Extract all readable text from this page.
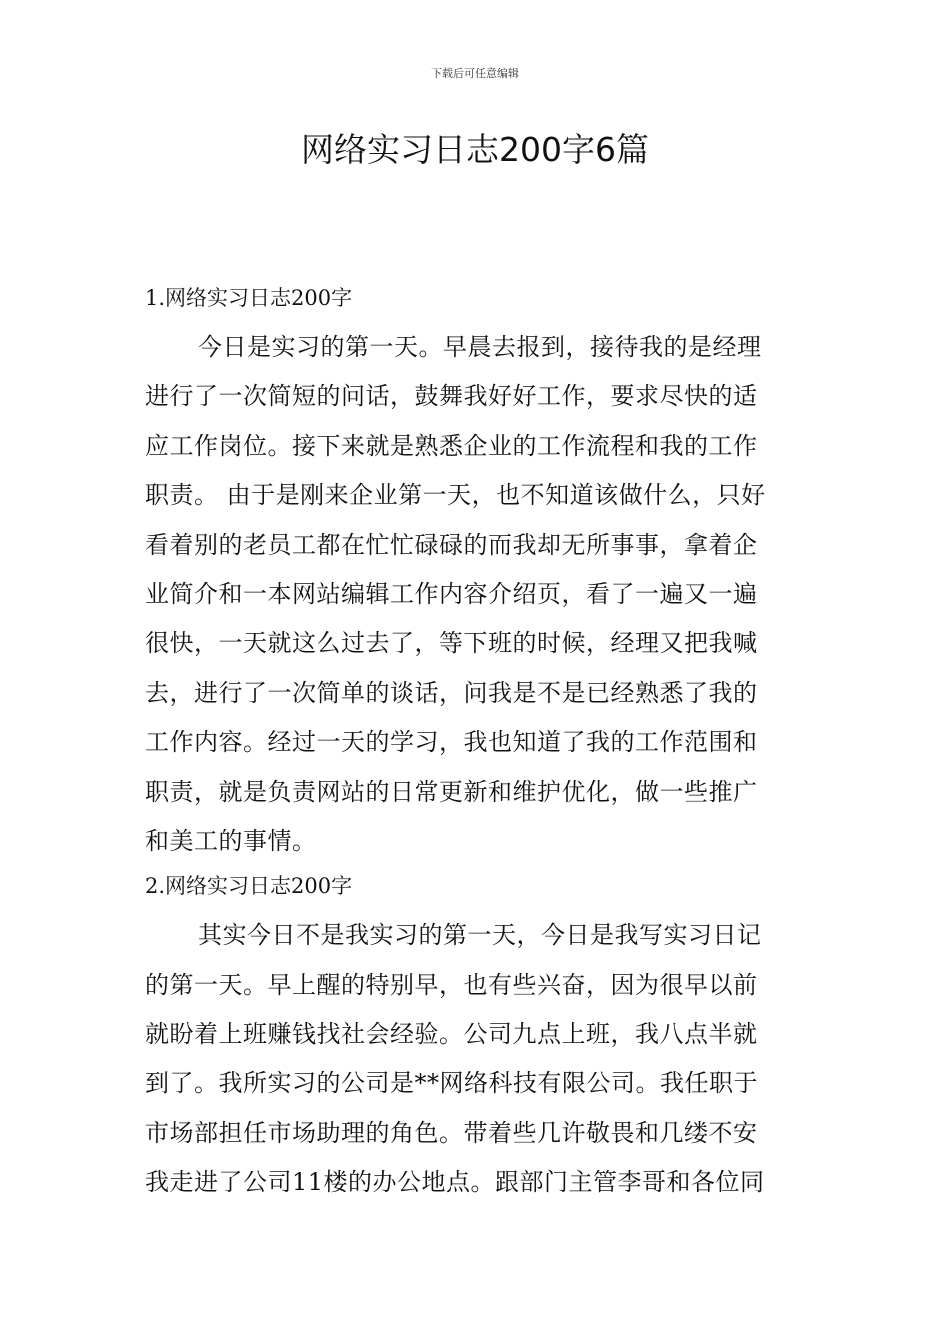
下载后可任意编辑
网络实习日志200字6篇
1.网络实习日志200字
今日是实习的第一天。早晨去报到，接待我的是经理
进行了一次简短的问话，鼓舞我好好工作，要求尽快的适
应工作岗位。接下来就是熟悉企业的工作流程和我的工作
职责。 由于是刚来企业第一天，也不知道该做什么，只好
看着别的老员工都在忙忙碌碌的而我却无所事事，拿着企
业简介和一本网站编辑工作内容介绍页，看了一遍又一遍
很快，一天就这么过去了，等下班的时候，经理又把我喊
去，进行了一次简单的谈话，问我是不是已经熟悉了我的
工作内容。经过一天的学习，我也知道了我的工作范围和
职责，就是负责网站的日常更新和维护优化，做一些推广
和美工的事情。
2.网络实习日志200字
其实今日不是我实习的第一天，今日是我写实习日记
的第一天。早上醒的特别早，也有些兴奋，因为很早以前
就盼着上班赚钱找社会经验。公司九点上班，我八点半就
到了。我所实习的公司是**网络科技有限公司。我任职于
市场部担任市场助理的角色。带着些几许敬畏和几缕不安
我走进了公司11楼的办公地点。跟部门主管李哥和各位同
